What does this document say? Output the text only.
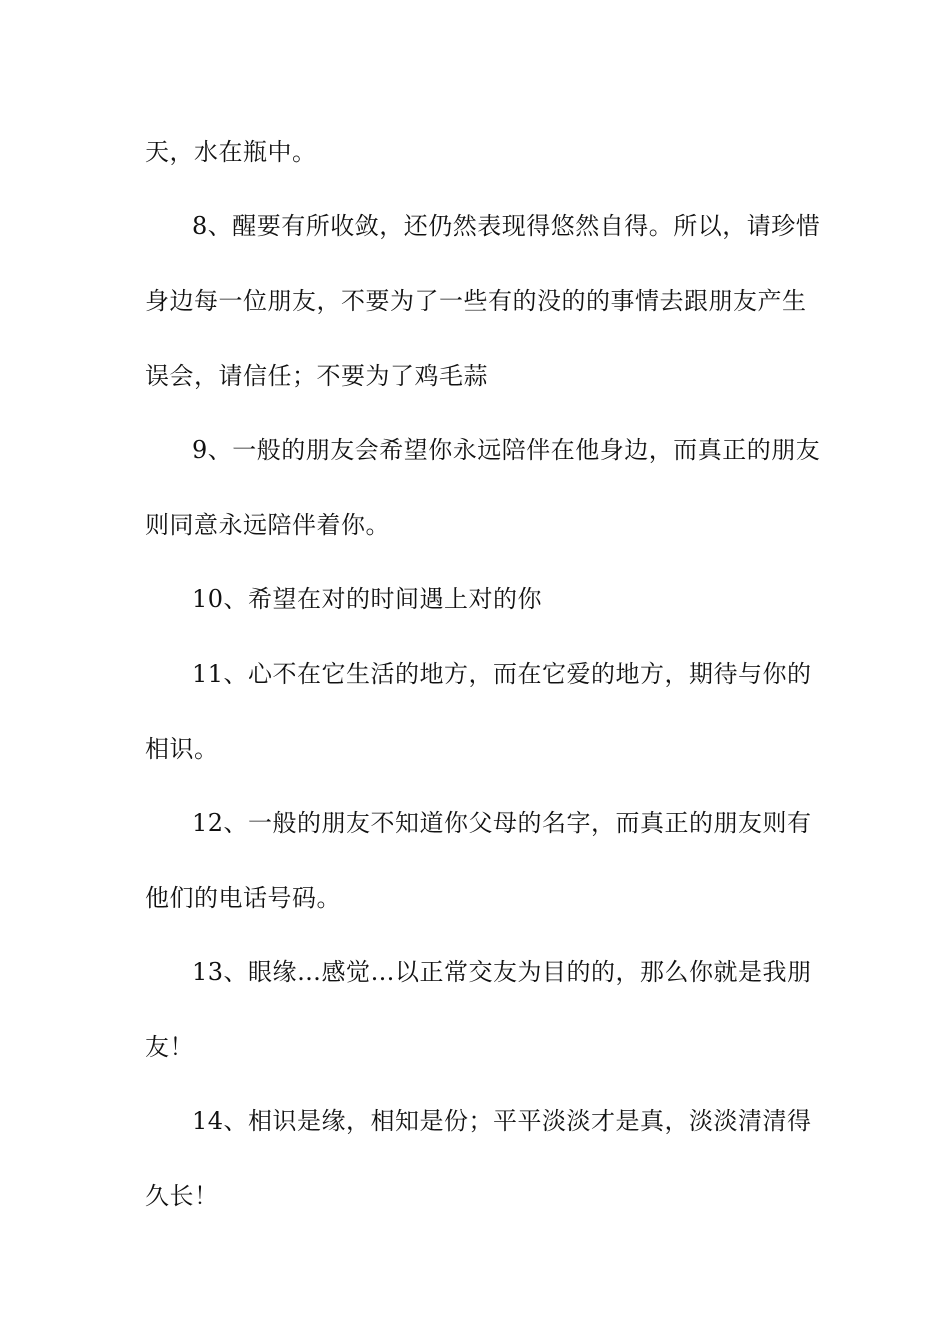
天，水在瓶中。

8、醒要有所收敛，还仍然表现得悠然自得。所以，请珍惜

身边每一位朋友，不要为了一些有的没的的事情去跟朋友产生

误会，请信任；不要为了鸡毛蒜

9、一般的朋友会希望你永远陪伴在他身边，而真正的朋友

则同意永远陪伴着你。

10、希望在对的时间遇上对的你

11、心不在它生活的地方，而在它爱的地方，期待与你的

相识。

12、一般的朋友不知道你父母的名字，而真正的朋友则有

他们的电话号码。

13、眼缘…感觉…以正常交友为目的的，那么你就是我朋

友！

14、相识是缘，相知是份；平平淡淡才是真，淡淡清清得

久长！
